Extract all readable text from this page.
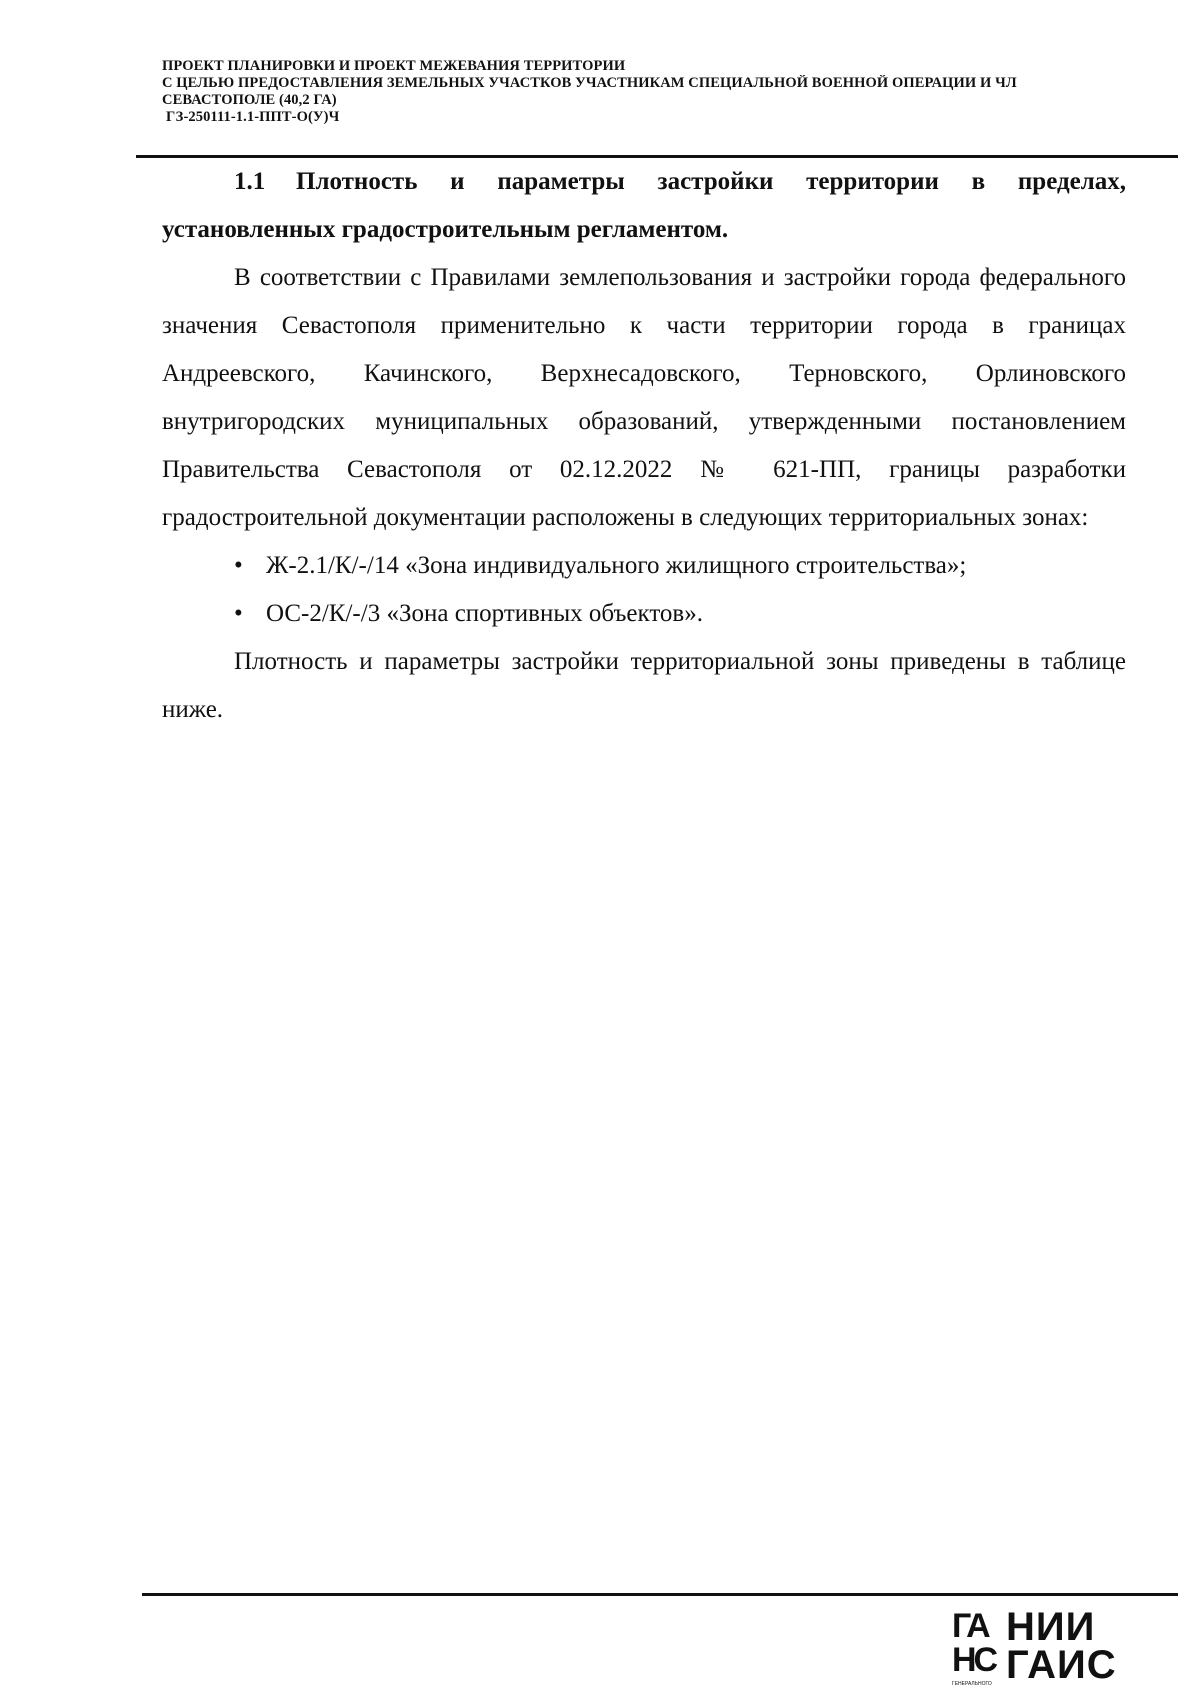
ПРОЕКТ ПЛАНИРОВКИ И ПРОЕКТ МЕЖЕВАНИЯ ТЕРРИТОРИИ
С ЦЕЛЬЮ ПРЕДОСТАВЛЕНИЯ ЗЕМЕЛЬНЫХ УЧАСТКОВ УЧАСТНИКАМ СПЕЦИАЛЬНОЙ ВОЕННОЙ ОПЕРАЦИИ И ЧЛ
СЕВАСТОПОЛЕ (40,2 ГА)
ГЗ-250111-1.1-ППТ-О(У)Ч

1.1 Плотность и параметры застройки территории в пределах, установленных градостроительным регламентом.

В соответствии с Правилами землепользования и застройки города федерального значения Севастополя применительно к части территории города в границах Андреевского, Качинского, Верхнесадовского, Терновского, Орлиновского внутригородских муниципальных образований, утвержденными постановлением Правительства Севастополя от 02.12.2022 № 621-ПП, границы разработки градостроительной документации расположены в следующих территориальных зонах:

• Ж-2.1/К/-/14 «Зона индивидуального жилищного строительства»;
• ОС-2/К/-/3 «Зона спортивных объектов».

Плотность и параметры застройки территориальной зоны приведены в таблице ниже.

ГА
НС
ГЕНЕРАЛЬНОГО
НИИ
ГАИС
